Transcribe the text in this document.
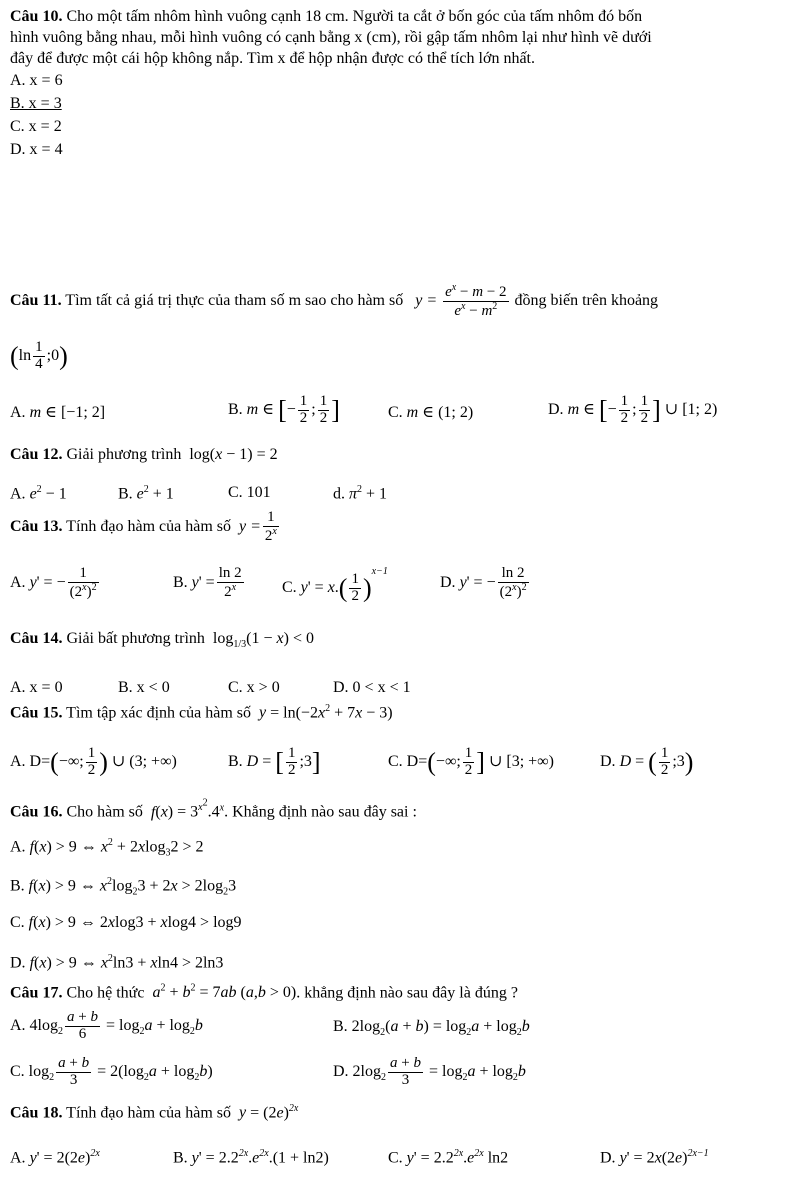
Câu 10. Cho một tấm nhôm hình vuông cạnh 18 cm. Người ta cắt ở bốn góc của tấm nhôm đó bốn

hình vuông bằng nhau, mỗi hình vuông có cạnh bằng x (cm), rồi gập tấm nhôm lại như hình vẽ dưới

đây để được một cái hộp không nắp. Tìm x để hộp nhận được có thể tích lớn nhất.

A. x = 6

B. x = 3

C. x = 2

D. x = 4

Câu 11. Tìm tất cả giá trị thực của tham số m sao cho hàm số $y = \frac{e^x - m - 2}{e^x - m^2}$ đồng biến trên khoảng
($\ln \frac{1}{4}$ ;0)
A. m ∈ [−1; 2]	B. m ∈ [− $\frac{1}{2}$ ; $\frac{1}{2}$ ]	C. m ∈ (1; 2)	D. m ∈ [− $\frac{1}{2}$ ; $\frac{1}{2}$ ] ∪ [1; 2)
Câu 12. Giải phương trình log(x − 1) = 2
A. $e^2 - 1$	B. $e^2 + 1$	C. 101	d. $\pi^2 + 1$
Câu 13. Tính đạo hàm của hàm số $y = \frac{1}{2^x}$
A. y' = − $\frac{1}{(2^x)^2}$	B. $y' = \frac{\ln 2}{2^x} C$. $y' = x.( \frac{1}{2} )^{x-1}$
D. y' = − $\frac{\ln 2}{(2^x)^2}$
Câu 14. Giải bất phương trình $\log_{1/3}(1 - x) < 0$
A. x = 0	B. x < 0	C. x > 0	D. 0 < x < 1
Câu 15. Tìm tập xác định của hàm số $y = \ln(-2x^2 + 7x - 3)$
A. D=(−∞; $\frac{1}{2}$ ) ∪ (3; +∞)	B. D = [ $\frac{1}{2}$ ;3]	C. D=(−∞; $\frac{1}{2}$ ] ∪ [3; +∞)	D. D = ( $\frac{1}{2}$ ;3)
Câu 16. Cho hàm số $f(x) = 3^{x^2}.4^x$. Khẳng định nào sau đây sai :
A. f(x) > 9 ⇔ $x^2 + 2xlog_32 > 2$
B. f(x) > 9 ⇔ $x^2\log_23 + 2x > 2\log_23$
C. f(x) > 9 ⇔ 2xlog3 + xlog4 > log9
D. f(x) > 9 ⇔ $x^2\ln 3 + xln4 > 2\ln 3$
Câu 17. Cho hệ thức $a^2 + b^2 = 7ab$ (a,b > 0). khẳng định nào sau đây là đúng ?
A. $4\log_2 \frac{a + b}{6} = \log_2a + \log_2b$	B. $2\log_2(a + b) = \log_2a + \log_2b$
C. $\log_2 \frac{a + b}{3} = 2(\log_2a + \log_2b)$	D. $2\log_2 \frac{a + b}{3} = \log_2a + \log_2b$
Câu 18. Tính đạo hàm của hàm số $y = (2e)^{2x}$
A. $y' = 2(2e)^{2x}$	B. $y' = 2.2^{2x}.e^{2x}.(1 + \ln 2)$	C. $y' = 2.2^{2x}.e^{2x}$ ln2	D. $y' = 2x(2e)^{2x-1}$
